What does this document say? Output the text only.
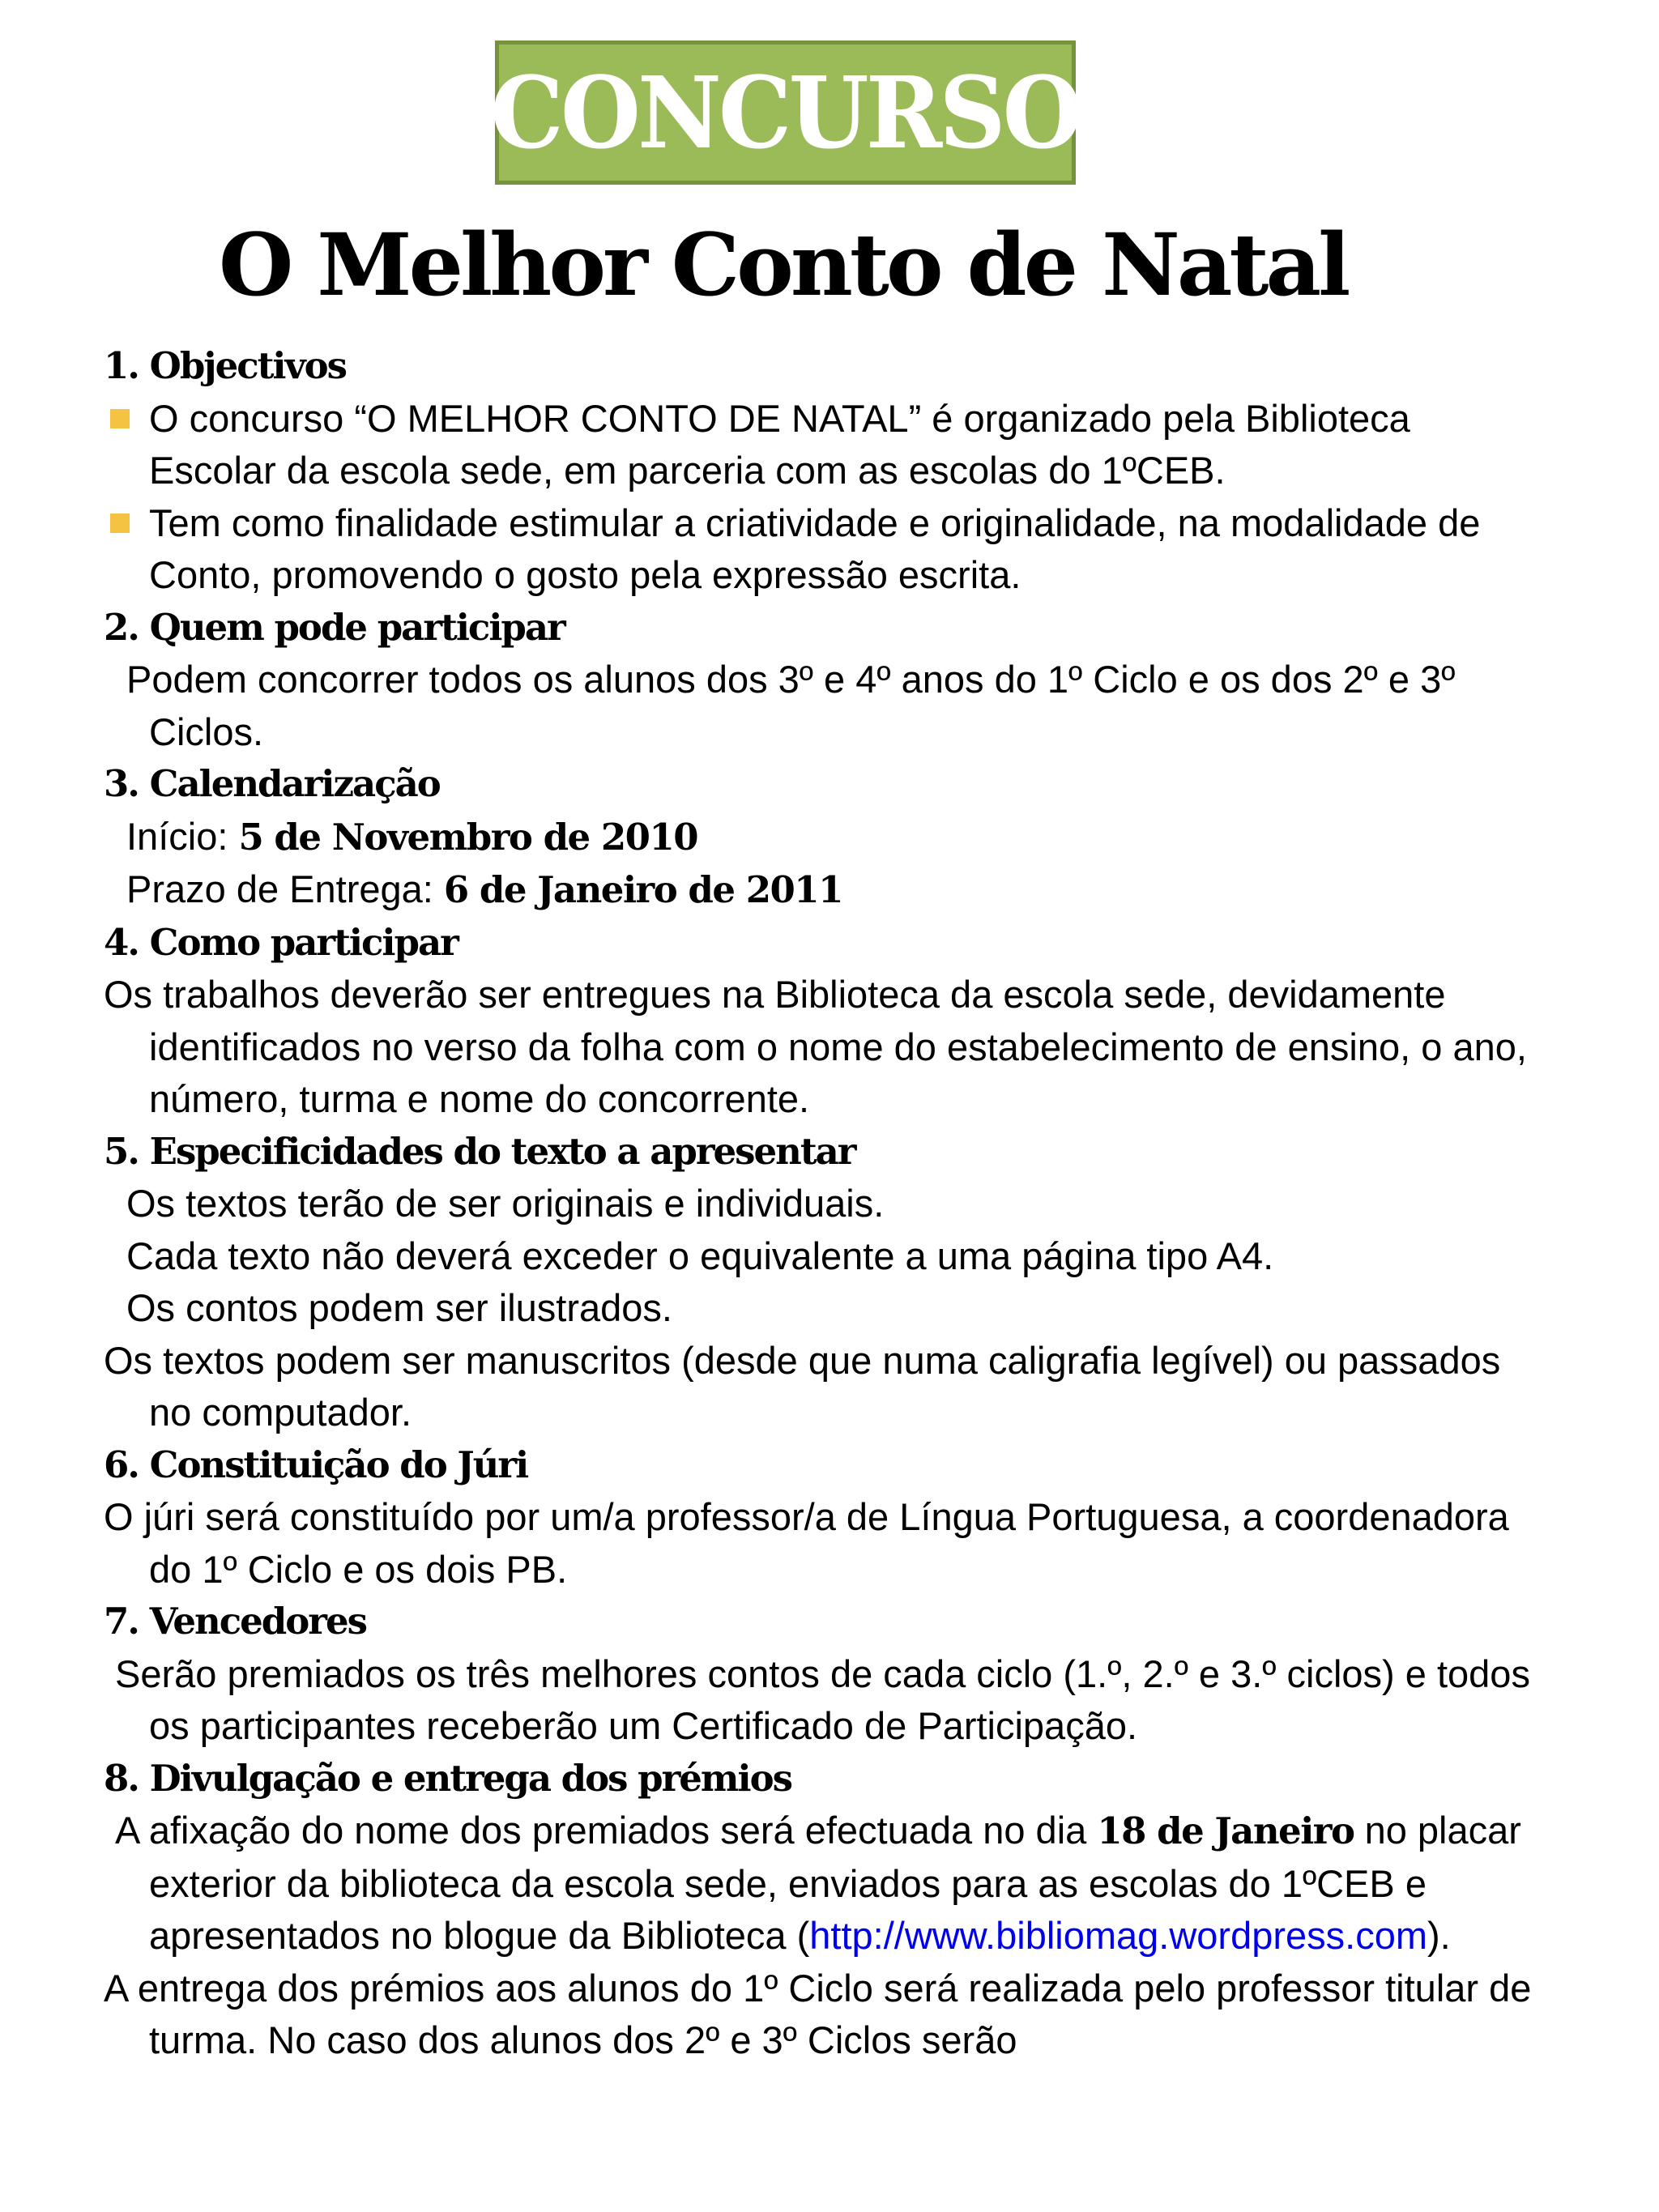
CONCURSO
O Melhor Conto de Natal

1. Objectivos

O concurso “O MELHOR CONTO DE NATAL” é organizado pela Biblioteca Escolar da escola sede, em parceria com as escolas do 1ºCEB.

Tem como finalidade estimular a criatividade e originalidade, na modalidade de Conto, promovendo o gosto pela expressão escrita.

2. Quem pode participar

Podem concorrer todos os alunos dos 3º e 4º anos do 1º Ciclo e os dos 2º e 3º Ciclos.

3. Calendarização

Início: 5 de Novembro de 2010

Prazo de Entrega: 6 de Janeiro de 2011

4. Como participar

Os trabalhos deverão ser entregues na Biblioteca da escola sede, devidamente identificados no verso da folha com o nome do estabelecimento de ensino, o ano, número, turma e nome do concorrente.

5. Especificidades do texto a apresentar

Os textos terão de ser originais e individuais.

Cada texto não deverá exceder o equivalente a uma página tipo A4.

Os contos podem ser ilustrados.

Os textos podem ser manuscritos (desde que numa caligrafia legível) ou passados no computador.

6. Constituição do Júri

O júri será constituído por um/a professor/a de Língua Portuguesa, a coordenadora do 1º Ciclo e os dois PB.

7. Vencedores

Serão premiados os três melhores contos de cada ciclo (1.º, 2.º e 3.º ciclos) e todos os participantes receberão um Certificado de Participação.

8. Divulgação e entrega dos prémios

A afixação do nome dos premiados será efectuada no dia 18 de Janeiro no placar exterior da biblioteca da escola sede, enviados para as escolas do 1ºCEB e apresentados no blogue da Biblioteca (http://www.bibliomag.wordpress.com).

A entrega dos prémios aos alunos do 1º Ciclo será realizada pelo professor titular de turma. No caso dos alunos dos 2º e 3º Ciclos serão
